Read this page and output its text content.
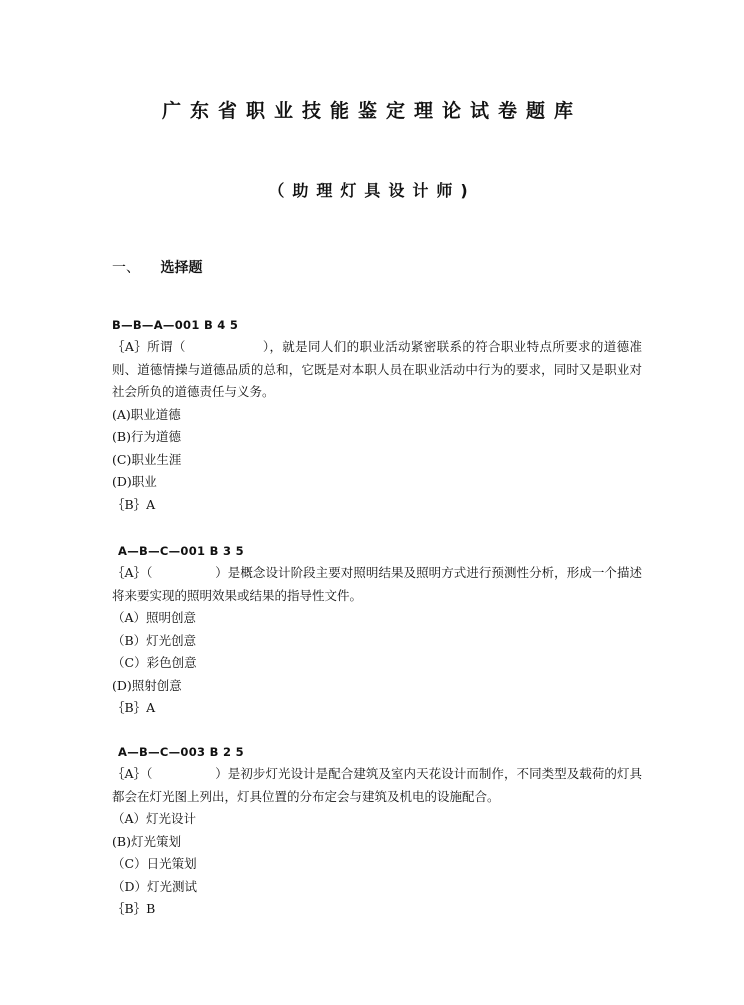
广东省职业技能鉴定理论试卷题库
（助理灯具设计师)
一、 选择题
B—B—A—001 B 4 5
｛A｝所谓（　　　　　　），就是同人们的职业活动紧密联系的符合职业特点所要求的道德准则、道德情操与道德品质的总和，它既是对本职人员在职业活动中行为的要求，同时又是职业对社会所负的道德责任与义务。
(A)职业道德
(B)行为道德
(C)职业生涯
(D)职业
｛B｝A
A—B—C—001 B 3 5
｛A｝（　　　　　）是概念设计阶段主要对照明结果及照明方式进行预测性分析，形成一个描述将来要实现的照明效果或结果的指导性文件。
（A）照明创意
（B）灯光创意
（C）彩色创意
(D)照射创意
｛B｝A
A—B—C—003 B 2 5
｛A｝（　　　　　）是初步灯光设计是配合建筑及室内天花设计而制作，不同类型及载荷的灯具都会在灯光图上列出，灯具位置的分布定会与建筑及机电的设施配合。
（A）灯光设计
(B)灯光策划
（C）日光策划
（D）灯光测试
｛B｝B
